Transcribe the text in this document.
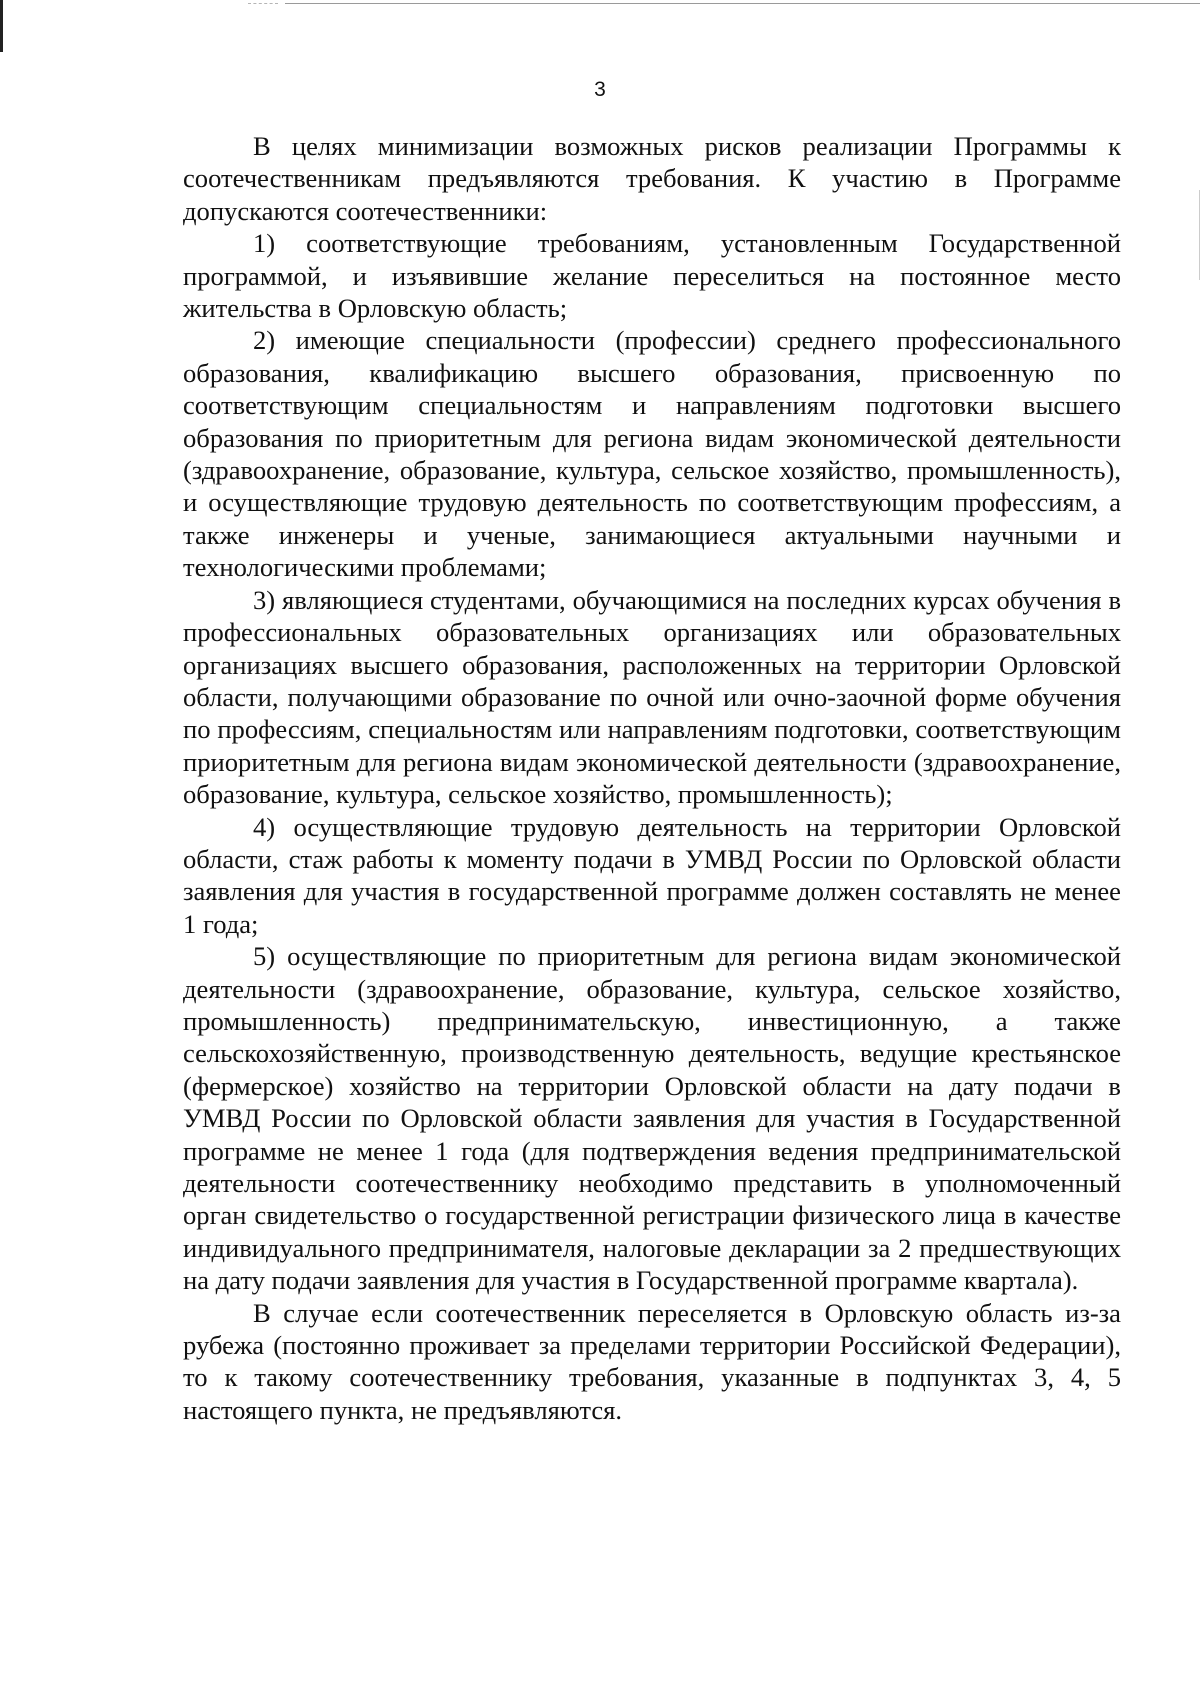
3

В целях минимизации возможных рисков реализации Программы к соотечественникам предъявляются требования. К участию в Программе допускаются соотечественники:

1) соответствующие требованиям, установленным Государственной программой, и изъявившие желание переселиться на постоянное место жительства в Орловскую область;

2) имеющие специальности (профессии) среднего профессионального образования, квалификацию высшего образования, присвоенную по соответствующим специальностям и направлениям подготовки высшего образования по приоритетным для региона видам экономической деятельности (здравоохранение, образование, культура, сельское хозяйство, промышленность), и осуществляющие трудовую деятельность по соответствующим профессиям, а также инженеры и ученые, занимающиеся актуальными научными и технологическими проблемами;

3) являющиеся студентами, обучающимися на последних курсах обучения в профессиональных образовательных организациях или образовательных организациях высшего образования, расположенных на территории Орловской области, получающими образование по очной или очно-заочной форме обучения по профессиям, специальностям или направлениям подготовки, соответствующим приоритетным для региона видам экономической деятельности (здравоохранение, образование, культура, сельское хозяйство, промышленность);

4) осуществляющие трудовую деятельность на территории Орловской области, стаж работы к моменту подачи в УМВД России по Орловской области заявления для участия в государственной программе должен составлять не менее 1 года;

5) осуществляющие по приоритетным для региона видам экономической деятельности (здравоохранение, образование, культура, сельское хозяйство, промышленность) предпринимательскую, инвестиционную, а также сельскохозяйственную, производственную деятельность, ведущие крестьянское (фермерское) хозяйство на территории Орловской области на дату подачи в УМВД России по Орловской области заявления для участия в Государственной программе не менее 1 года (для подтверждения ведения предпринимательской деятельности соотечественнику необходимо представить в уполномоченный орган свидетельство о государственной регистрации физического лица в качестве индивидуального предпринимателя, налоговые декларации за 2 предшествующих на дату подачи заявления для участия в Государственной программе квартала).

В случае если соотечественник переселяется в Орловскую область из-за рубежа (постоянно проживает за пределами территории Российской Федерации), то к такому соотечественнику требования, указанные в подпунктах 3, 4, 5 настоящего пункта, не предъявляются.
